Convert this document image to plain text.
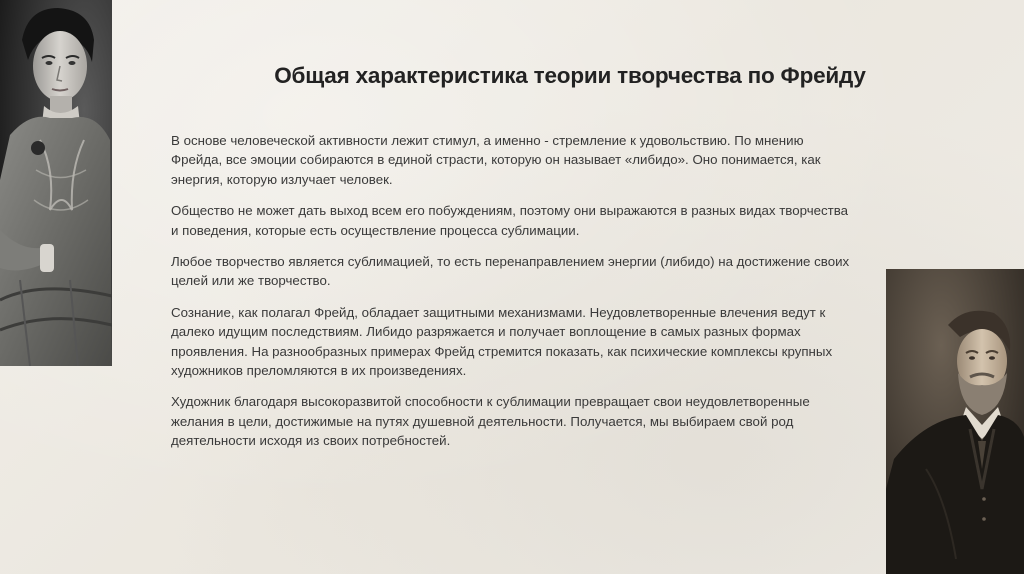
Общая характеристика теории творчества по Фрейду

В основе человеческой активности лежит стимул, а именно - стремление к удовольствию. По мнению Фрейда, все эмоции собираются в единой страсти, которую он называет «либидо». Оно понимается, как энергия, которую излучает человек.

Общество не может дать выход всем его побуждениям, поэтому они выражаются в разных видах творчества и поведения, которые есть осуществление процесса сублимации.

Любое творчество является сублимацией, то есть перенаправлением энергии (либидо) на достижение своих целей или же творчество.

Сознание, как полагал Фрейд, обладает защитными механизмами. Неудовлетворенные влечения ведут к далеко идущим последствиям. Либидо разряжается и получает воплощение в самых разных формах проявления. На разнообразных примерах Фрейд стремится показать, как психические комплексы крупных художников преломляются в их произведениях.

Художник благодаря высокоразвитой способности к сублимации превращает свои неудовлетворенные желания в цели, достижимые на путях душевной деятельности. Получается, мы выбираем свой род деятельности исходя из своих потребностей.
